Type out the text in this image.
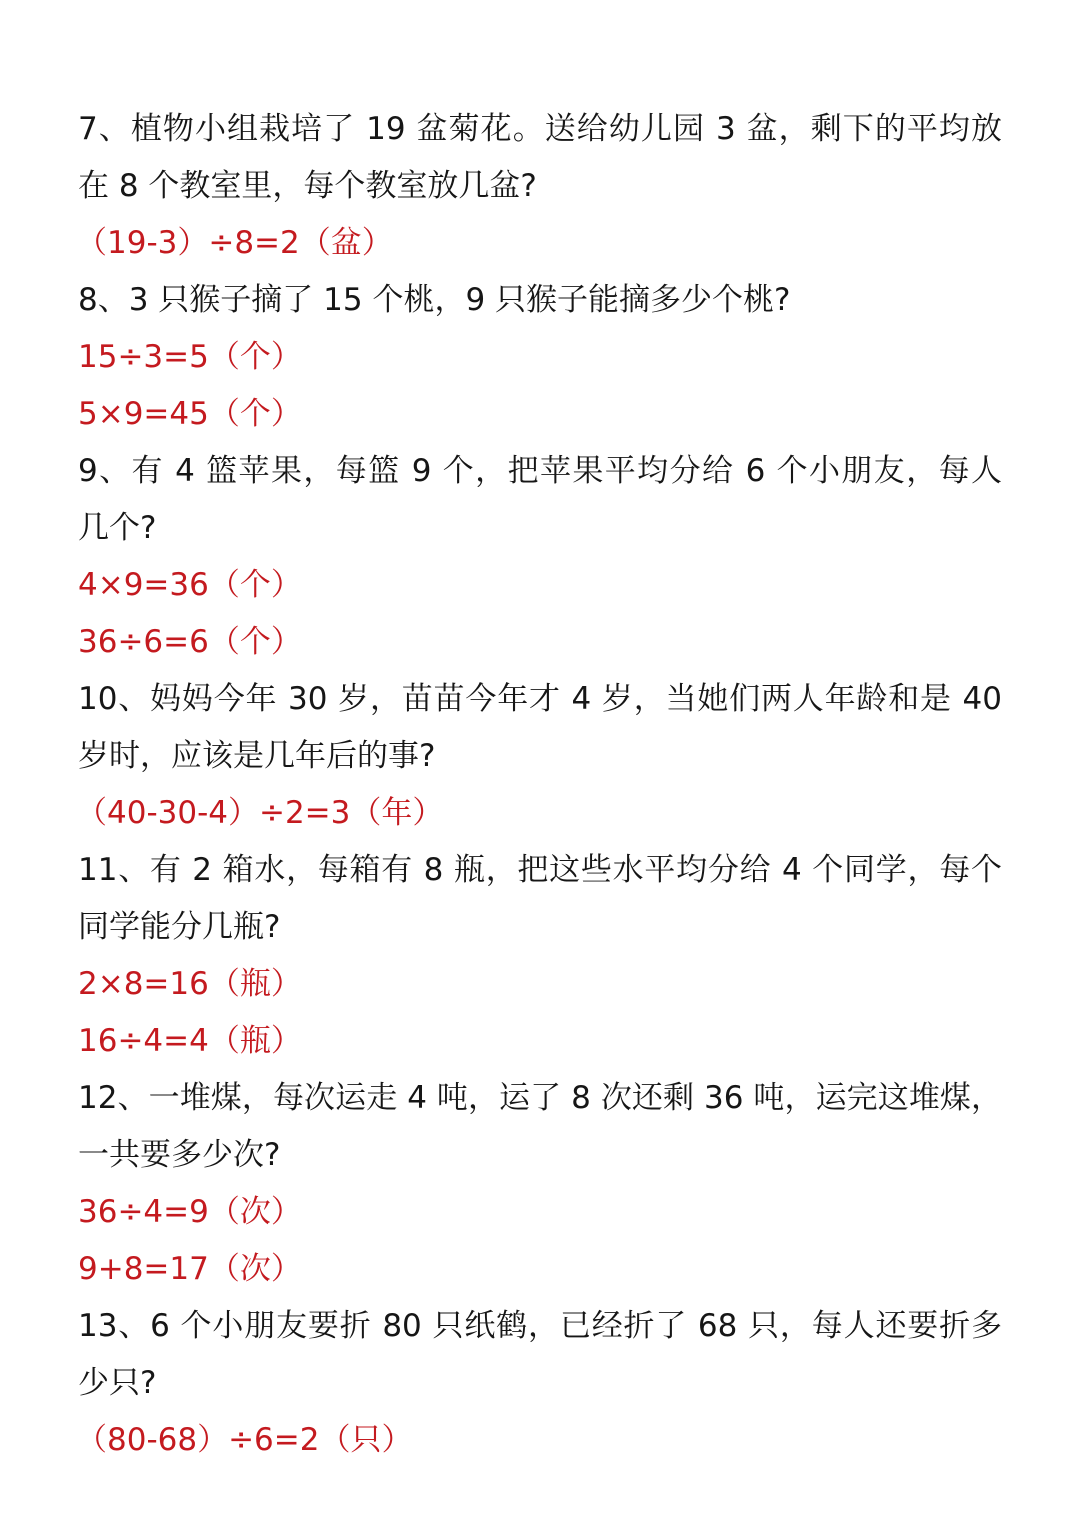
7、植物小组栽培了 19 盆菊花。送给幼儿园 3 盆，剩下的平均放
在 8 个教室里，每个教室放几盆?
（19-3）÷8=2（盆）
8、3 只猴子摘了 15 个桃，9 只猴子能摘多少个桃?
15÷3=5（个）
5×9=45（个）
9、有 4 篮苹果，每篮 9 个，把苹果平均分给 6 个小朋友，每人
几个?
4×9=36（个）
36÷6=6（个）
10、妈妈今年 30 岁，苗苗今年才 4 岁，当她们两人年龄和是 40
岁时，应该是几年后的事?
（40-30-4）÷2=3（年）
11、有 2 箱水，每箱有 8 瓶，把这些水平均分给 4 个同学，每个
同学能分几瓶?
2×8=16（瓶）
16÷4=4（瓶）
12、一堆煤，每次运走 4 吨，运了 8 次还剩 36 吨，运完这堆煤，
一共要多少次?
36÷4=9（次）
9+8=17（次）
13、6 个小朋友要折 80 只纸鹤，已经折了 68 只，每人还要折多
少只?
（80-68）÷6=2（只）
